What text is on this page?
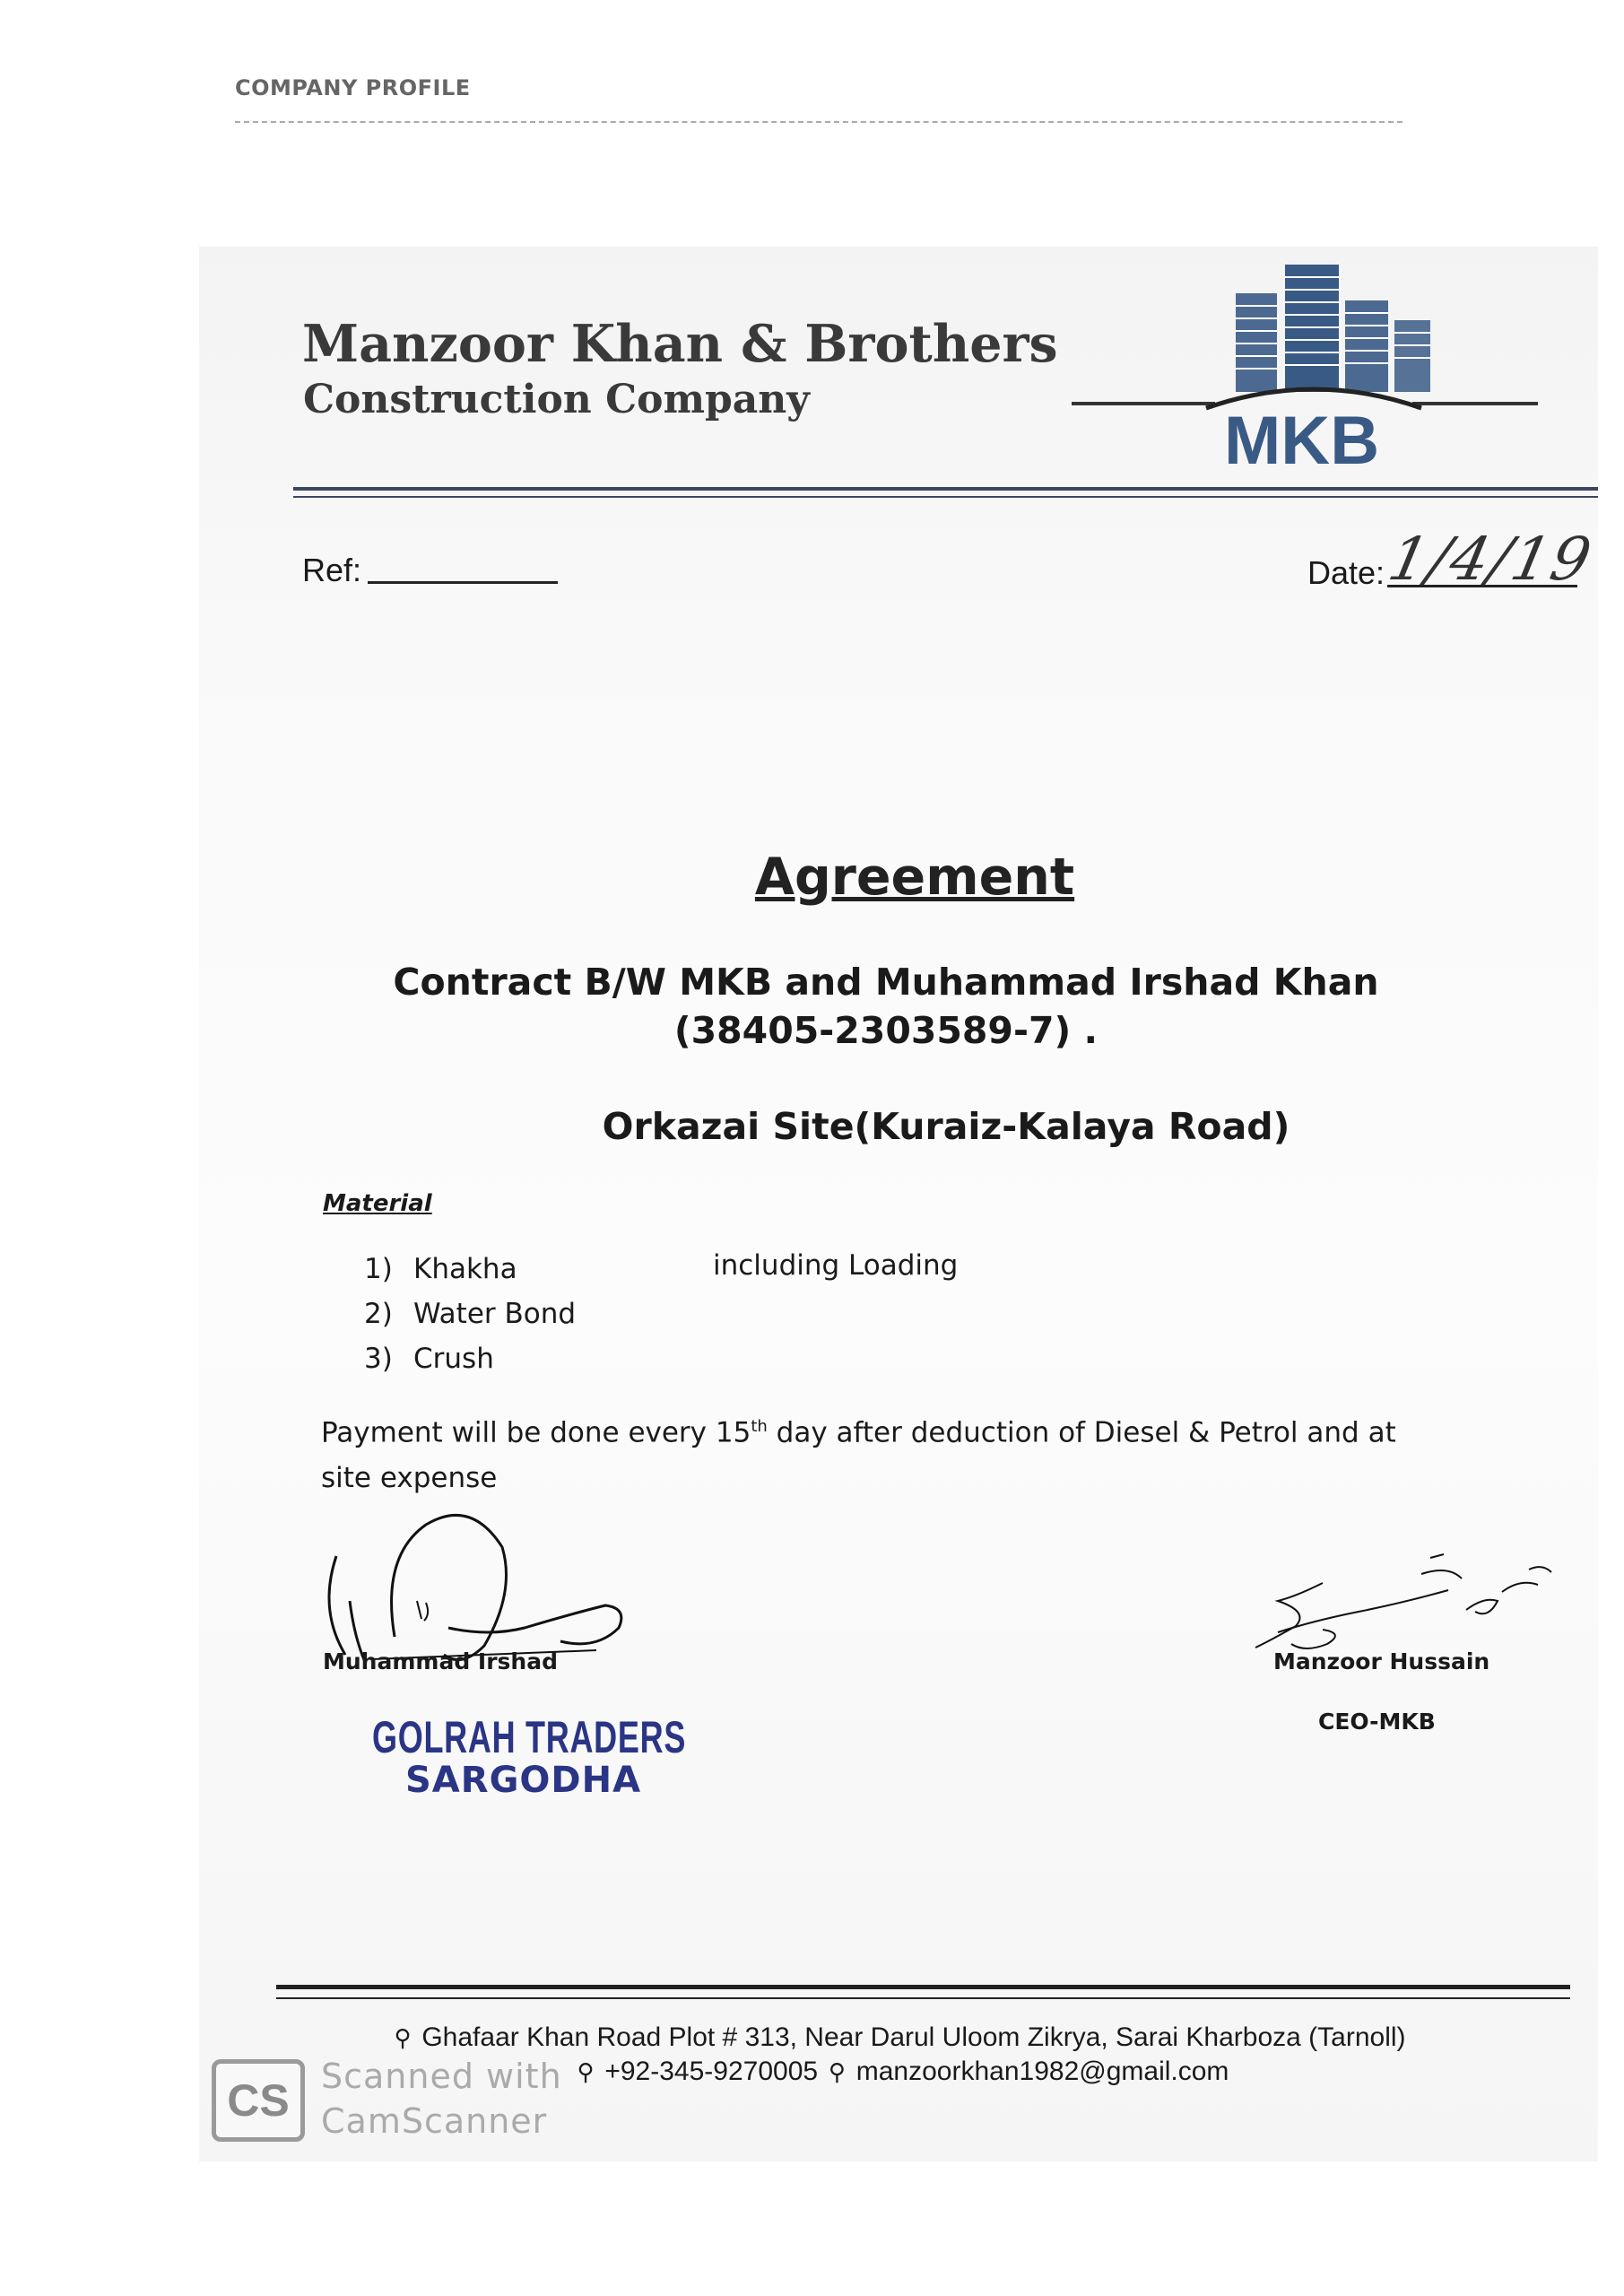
COMPANY PROFILE
Manzoor Khan & Brothers
Construction Company
MKB
Ref:	Date:
1/4/19
Agreement
Contract B/W MKB and Muhammad Irshad Khan
(38405-2303589-7) .
Orkazai Site(Kuraiz-Kalaya Road)
Material
1) Khakha
2) Water Bond
3) Crush
including Loading
Payment will be done every 15th day after deduction of Diesel & Petrol and at site expense
Muhammad Irshad	Manzoor Hussain
CEO-MKB
GOLRAH TRADERS
SARGODHA
⚲ Ghafaar Khan Road Plot # 313, Near Darul Uloom Zikrya, Sarai Kharboza (Tarnoll)
⚲ +92-345-9270005 ⚲ manzoorkhan1982@gmail.com
CS Scanned with
CamScanner
